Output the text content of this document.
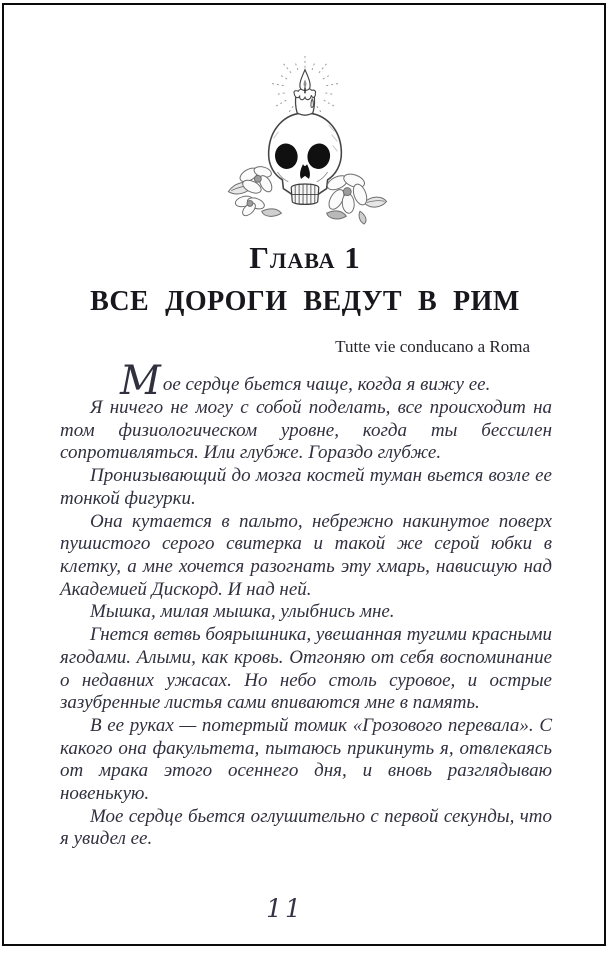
Глава 1
ВСЕ ДОРОГИ ВЕДУТ В РИМ
Tutte vie conducano a Roma

Мое сердце бьется чаще, когда я вижу ее.

Я ничего не могу с собой поделать, все происходит на том физиологическом уровне, когда ты бессилен сопротивляться. Или глубже. Гораздо глубже.

Пронизывающий до мозга костей туман вьется возле ее тонкой фигурки.

Она кутается в пальто, небрежно накинутое поверх пушистого серого свитерка и такой же серой юбки в клетку, а мне хочется разогнать эту хмарь, нависшую над Академией Дискорд. И над ней.

Мышка, милая мышка, улыбнись мне.

Гнется ветвь боярышника, увешанная тугими красными ягодами. Алыми, как кровь. Отгоняю от себя воспоминание о недавних ужасах. Но небо столь суровое, и острые зазубренные листья сами впиваются мне в память.

В ее руках — потертый томик «Грозового перевала». С какого она факультета, пытаюсь прикинуть я, отвлекаясь от мрака этого осеннего дня, и вновь разглядываю новенькую.

Мое сердце бьется оглушительно с первой секунды, что я увидел ее.

11
